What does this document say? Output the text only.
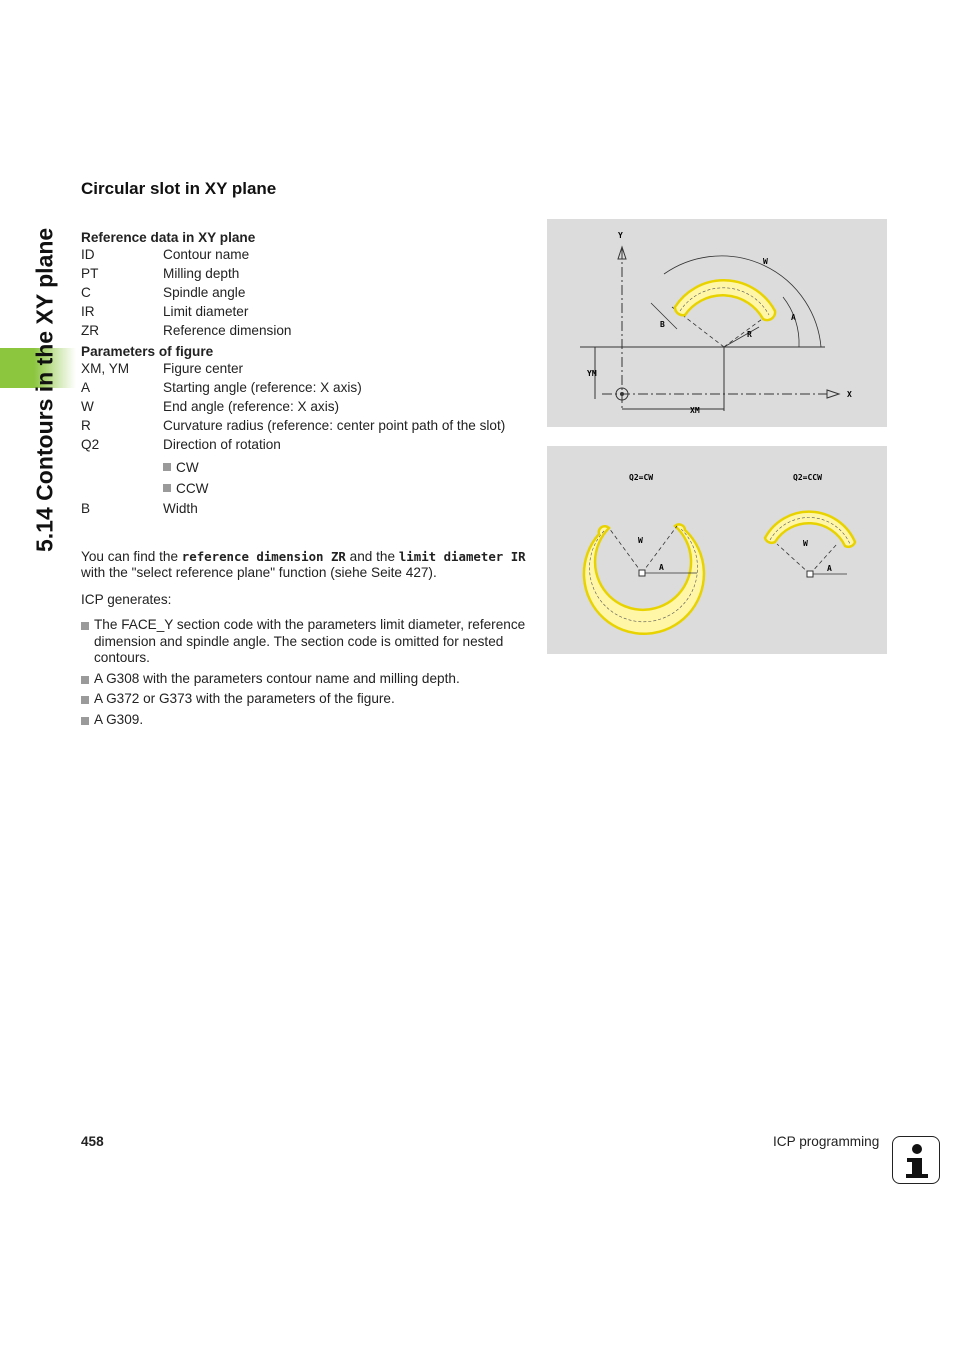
5.14 Contours in the XY plane
Circular slot in XY plane
Reference data in XY plane
ID	Contour name
PT	Milling depth
C	Spindle angle
IR	Limit diameter
ZR	Reference dimension
Parameters of figure
XM, YM	Figure center
A	Starting angle (reference: X axis)
W	End angle (reference: X axis)
R	Curvature radius (reference: center point path of the slot)
Q2	Direction of rotation
CW
CCW
B	Width
You can find the reference dimension ZR and the limit diameter IR with the "select reference plane" function (siehe Seite 427).
ICP generates:
The FACE_Y section code with the parameters limit diameter, reference dimension and spindle angle. The section code is omitted for nested contours.
A G308 with the parameters contour name and milling depth.
A G372 or G373 with the parameters of the figure.
A G309.
Y
X
YM
XM
W
A
R
B
Q2=CW	Q2=CCW
W
A
W
A
458	ICP programming
